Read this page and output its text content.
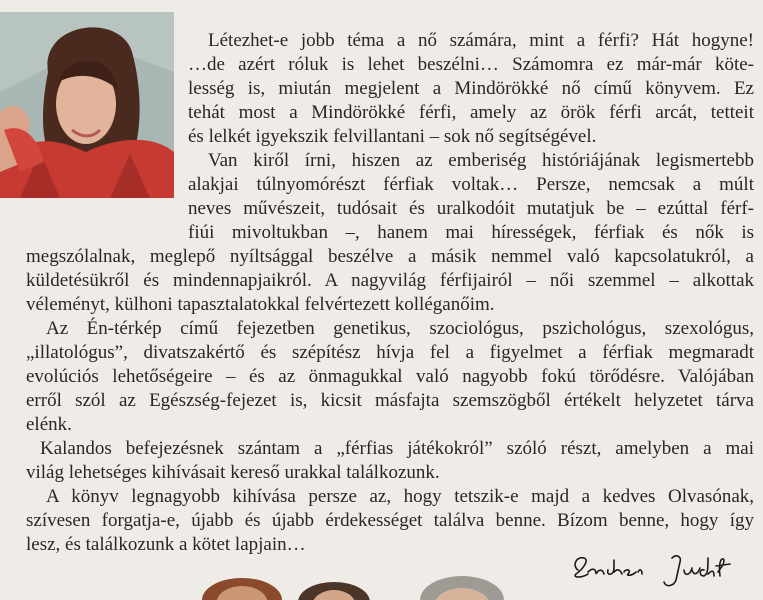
Létezhet-e jobb téma a nő számára, mint a férfi? Hát hogyne!

…de azért róluk is lehet beszélni… Számomra ez már-már köte-

lesség is, miután megjelent a Mindörökké nő című könyvem. Ez

tehát most a Mindörökké férfi, amely az örök férfi arcát, tetteit

és lelkét igyekszik felvillantani – sok nő segítségével.

Van kiről írni, hiszen az emberiség históriájának legismertebb

alakjai túlnyomórészt férfiak voltak… Persze, nemcsak a múlt

neves művészeit, tudósait és uralkodóit mutatjuk be – ezúttal férf-

fiúi mivoltukban –, hanem mai hírességek, férfiak és nők is

megszólalnak, meglepő nyíltsággal beszélve a másik nemmel való kapcsolatukról, a

küldetésükről és mindennapjaikról. A nagyvilág férfijairól – női szemmel – alkottak

véleményt, külhoni tapasztalatokkal felvértezett kolléganőim.

Az Én-térkép című fejezetben genetikus, szociológus, pszichológus, szexológus,

„illatológus”, divatszakértő és szépítész hívja fel a figyelmet a férfiak megmaradt

evolúciós lehetőségeire – és az önmagukkal való nagyobb fokú törődésre. Valójában

erről szól az Egészség-fejezet is, kicsit másfajta szemszögből értékelt helyzetet tárva

elénk.

Kalandos befejezésnek szántam a „férfias játékokról” szóló részt, amelyben a mai

világ lehetséges kihívásait kereső urakkal találkozunk.

A könyv legnagyobb kihívása persze az, hogy tetszik-e majd a kedves Olvasónak,

szívesen forgatja-e, újabb és újabb érdekességet találva benne. Bízom benne, hogy így

lesz, és találkozunk a kötet lapjain…
